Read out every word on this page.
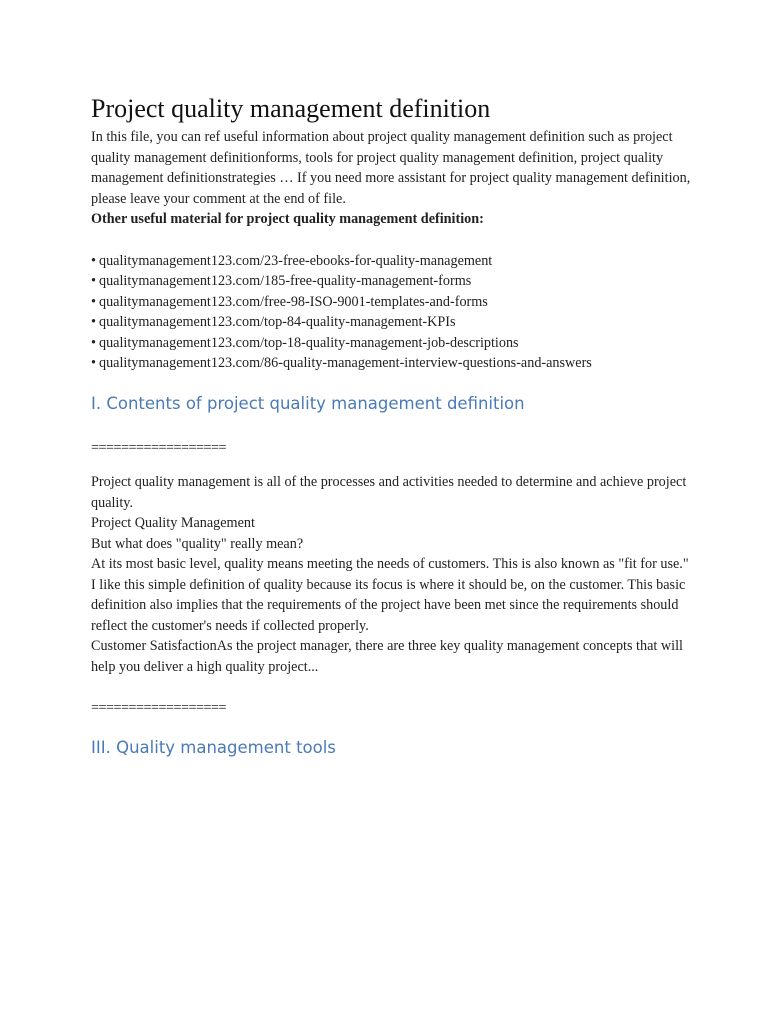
Project quality management definition

In this file, you can ref useful information about project quality management definition such as project quality management definitionforms, tools for project quality management definition, project quality management definitionstrategies … If you need more assistant for project quality management definition, please leave your comment at the end of file.

Other useful material for project quality management definition:

• qualitymanagement123.com/23-free-ebooks-for-quality-management
• qualitymanagement123.com/185-free-quality-management-forms
• qualitymanagement123.com/free-98-ISO-9001-templates-and-forms
• qualitymanagement123.com/top-84-quality-management-KPIs
• qualitymanagement123.com/top-18-quality-management-job-descriptions
• qualitymanagement123.com/86-quality-management-interview-questions-and-answers
I. Contents of project quality management definition

==================

Project quality management is all of the processes and activities needed to determine and achieve project quality.

Project Quality Management

But what does "quality" really mean?

At its most basic level, quality means meeting the needs of customers. This is also known as "fit for use."

I like this simple definition of quality because its focus is where it should be, on the customer. This basic definition also implies that the requirements of the project have been met since the requirements should reflect the customer's needs if collected properly.

Customer SatisfactionAs the project manager, there are three key quality management concepts that will help you deliver a high quality project...

==================

III. Quality management tools
